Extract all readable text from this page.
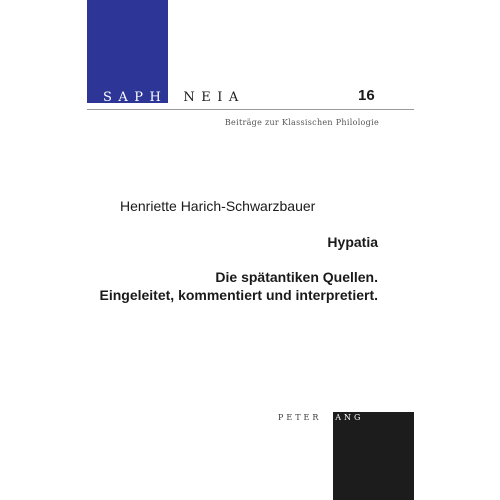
SAPHENEIA	16
Beiträge zur Klassischen Philologie
Henriette Harich-Schwarzbauer
Hypatia
Die spätantiken Quellen.
Eingeleitet, kommentiert und interpretiert.
PETER LANG
